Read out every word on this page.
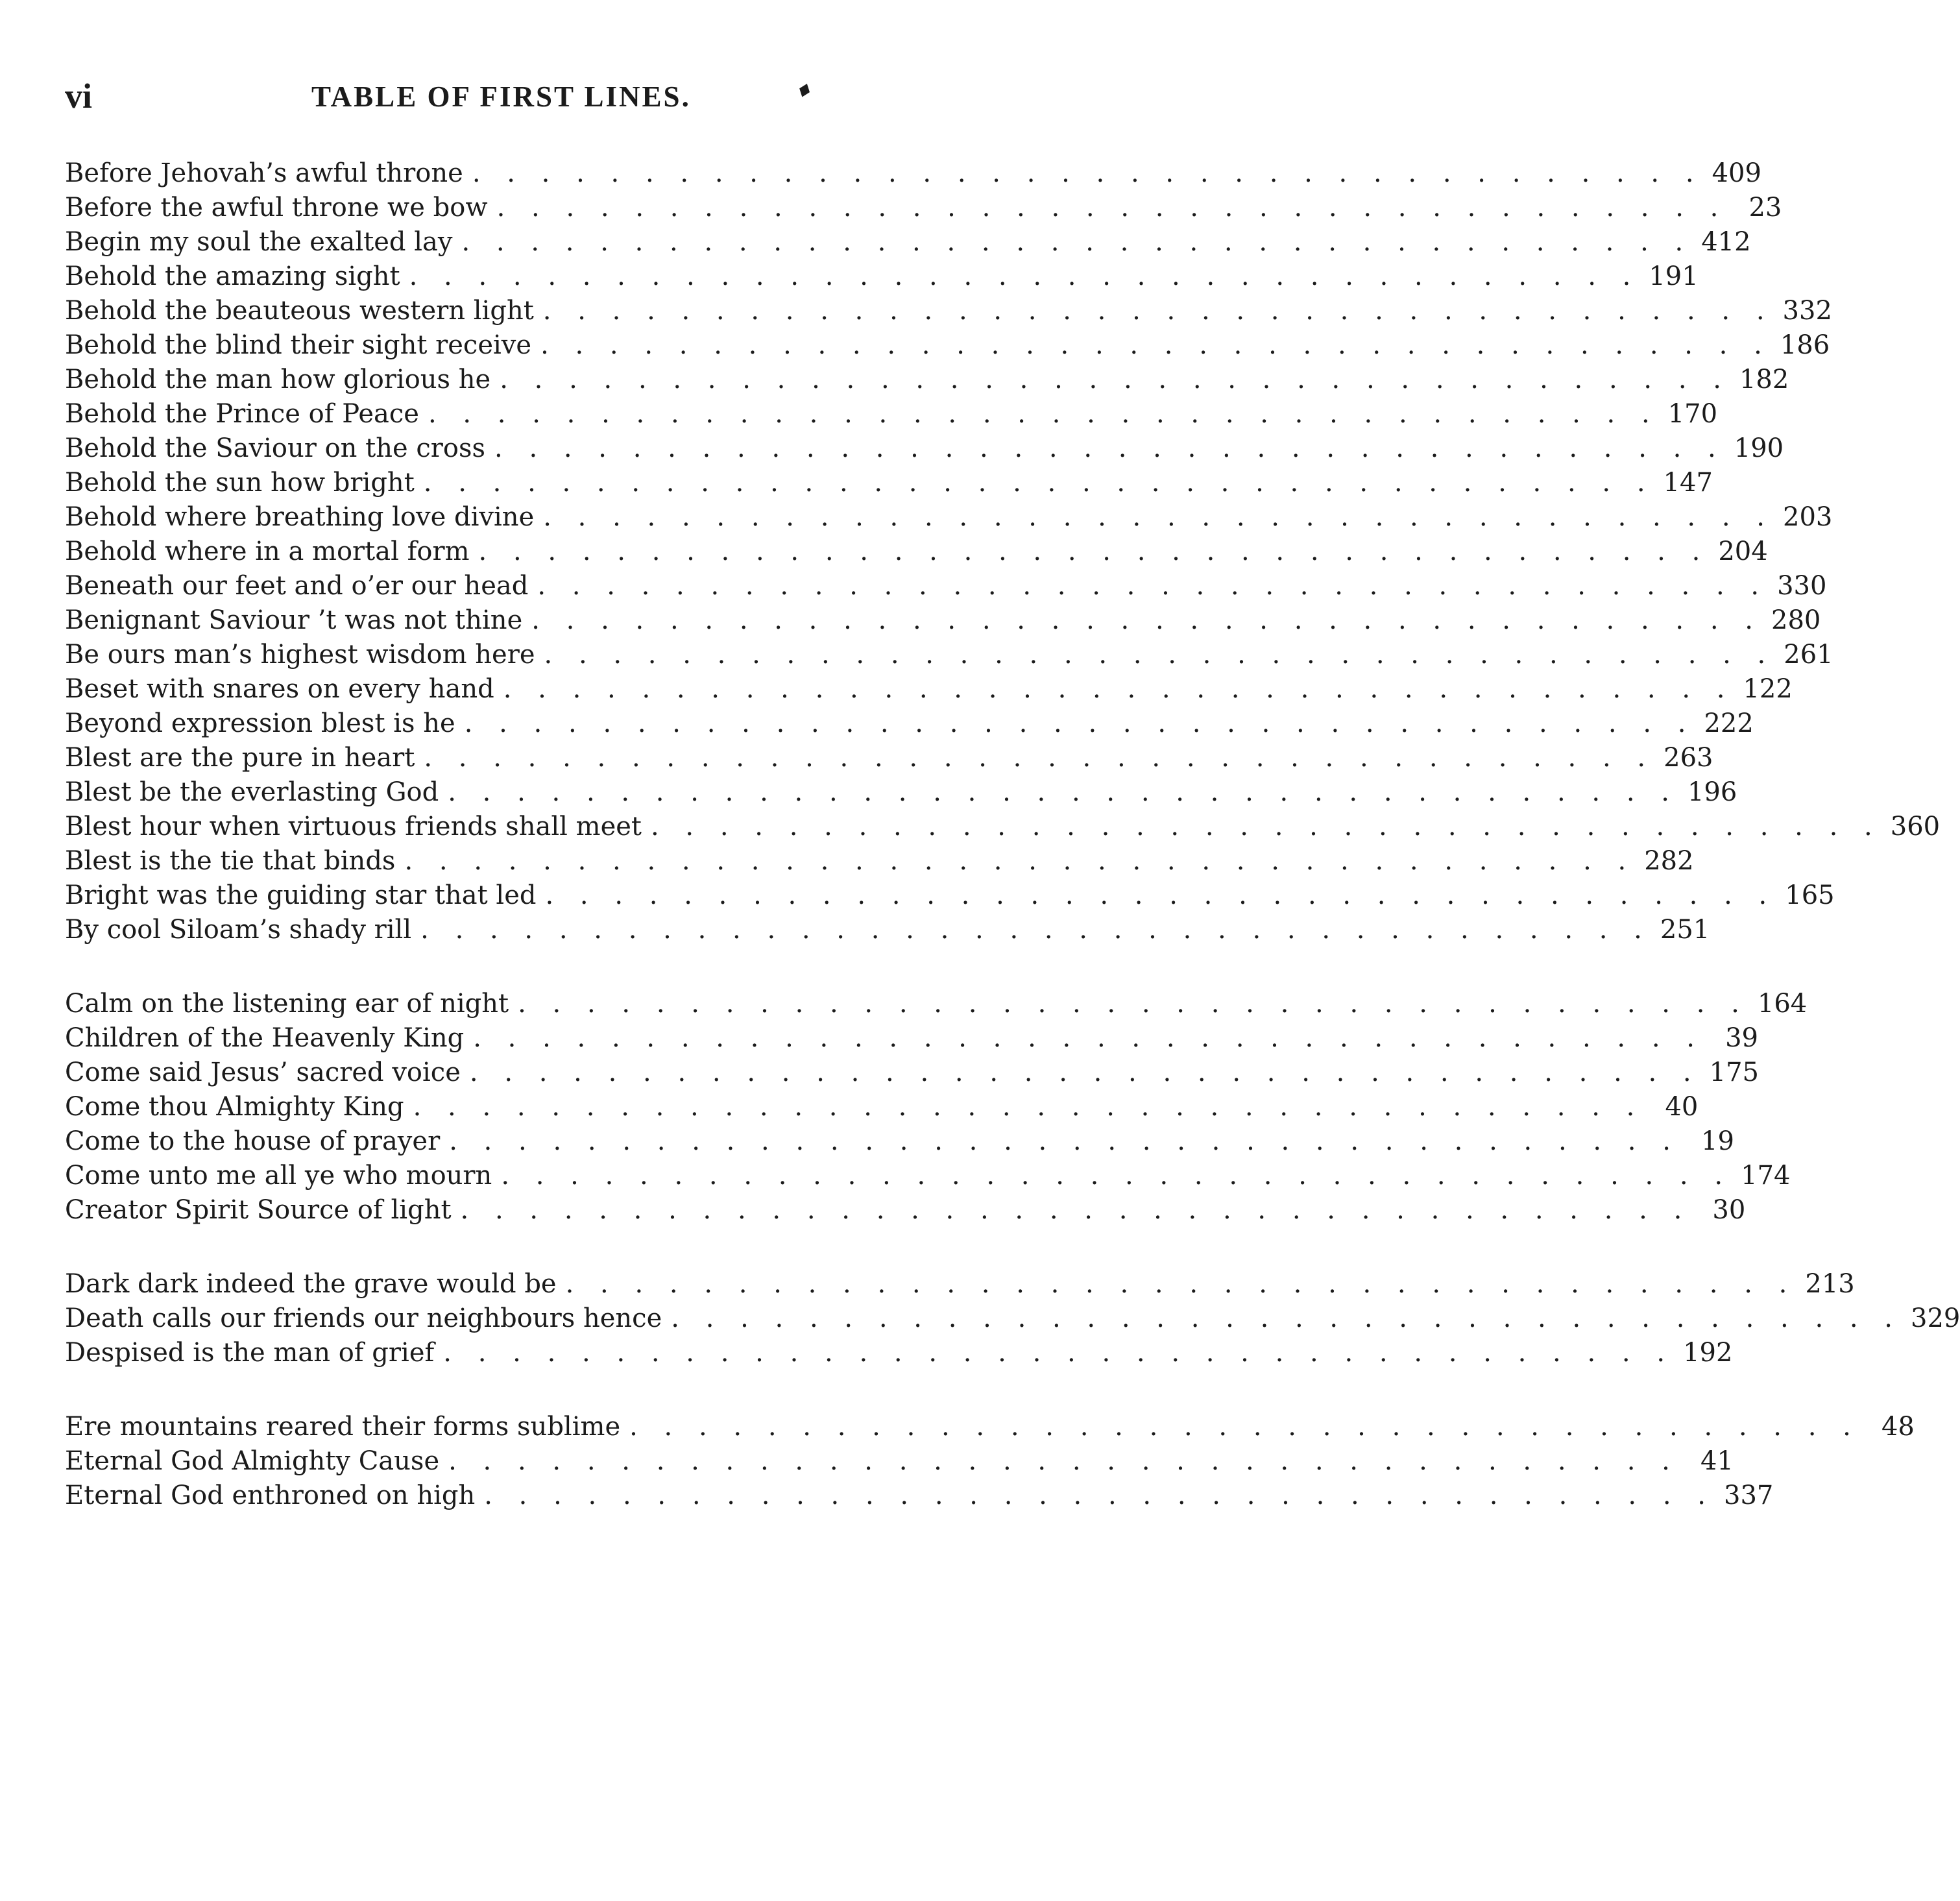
vi	TABLE OF FIRST LINES.	♦
Before Jehovah’s awful throne . . . . . . . . . . . . . . . . . . . . . . . . . . . . . . . . . . . . 409
Before the awful throne we bow . . . . . . . . . . . . . . . . . . . . . . . . . . . . . . . . . . . . 23
Begin my soul the exalted lay . . . . . . . . . . . . . . . . . . . . . . . . . . . . . . . . . . . . 412
Behold the amazing sight . . . . . . . . . . . . . . . . . . . . . . . . . . . . . . . . . . . . 191
Behold the beauteous western light . . . . . . . . . . . . . . . . . . . . . . . . . . . . . . . . . . . . 332
Behold the blind their sight receive . . . . . . . . . . . . . . . . . . . . . . . . . . . . . . . . . . . . 186
Behold the man how glorious he . . . . . . . . . . . . . . . . . . . . . . . . . . . . . . . . . . . . 182
Behold the Prince of Peace . . . . . . . . . . . . . . . . . . . . . . . . . . . . . . . . . . . . 170
Behold the Saviour on the cross . . . . . . . . . . . . . . . . . . . . . . . . . . . . . . . . . . . . 190
Behold the sun how bright . . . . . . . . . . . . . . . . . . . . . . . . . . . . . . . . . . . . 147
Behold where breathing love divine . . . . . . . . . . . . . . . . . . . . . . . . . . . . . . . . . . . . 203
Behold where in a mortal form . . . . . . . . . . . . . . . . . . . . . . . . . . . . . . . . . . . . 204
Beneath our feet and o’er our head . . . . . . . . . . . . . . . . . . . . . . . . . . . . . . . . . . . . 330
Benignant Saviour ’t was not thine . . . . . . . . . . . . . . . . . . . . . . . . . . . . . . . . . . . . 280
Be ours man’s highest wisdom here . . . . . . . . . . . . . . . . . . . . . . . . . . . . . . . . . . . . 261
Beset with snares on every hand . . . . . . . . . . . . . . . . . . . . . . . . . . . . . . . . . . . . 122
Beyond expression blest is he . . . . . . . . . . . . . . . . . . . . . . . . . . . . . . . . . . . . 222
Blest are the pure in heart . . . . . . . . . . . . . . . . . . . . . . . . . . . . . . . . . . . . 263
Blest be the everlasting God . . . . . . . . . . . . . . . . . . . . . . . . . . . . . . . . . . . . 196
Blest hour when virtuous friends shall meet . . . . . . . . . . . . . . . . . . . . . . . . . . . . . . . . . . . . 360
Blest is the tie that binds . . . . . . . . . . . . . . . . . . . . . . . . . . . . . . . . . . . . 282
Bright was the guiding star that led . . . . . . . . . . . . . . . . . . . . . . . . . . . . . . . . . . . . 165
By cool Siloam’s shady rill . . . . . . . . . . . . . . . . . . . . . . . . . . . . . . . . . . . . 251
Calm on the listening ear of night . . . . . . . . . . . . . . . . . . . . . . . . . . . . . . . . . . . . 164
Children of the Heavenly King . . . . . . . . . . . . . . . . . . . . . . . . . . . . . . . . . . . . 39
Come said Jesus’ sacred voice . . . . . . . . . . . . . . . . . . . . . . . . . . . . . . . . . . . . 175
Come thou Almighty King . . . . . . . . . . . . . . . . . . . . . . . . . . . . . . . . . . . . 40
Come to the house of prayer . . . . . . . . . . . . . . . . . . . . . . . . . . . . . . . . . . . . 19
Come unto me all ye who mourn . . . . . . . . . . . . . . . . . . . . . . . . . . . . . . . . . . . . 174
Creator Spirit Source of light . . . . . . . . . . . . . . . . . . . . . . . . . . . . . . . . . . . . 30
Dark dark indeed the grave would be . . . . . . . . . . . . . . . . . . . . . . . . . . . . . . . . . . . . 213
Death calls our friends our neighbours hence . . . . . . . . . . . . . . . . . . . . . . . . . . . . . . . . . . . . 329
Despised is the man of grief . . . . . . . . . . . . . . . . . . . . . . . . . . . . . . . . . . . . 192
Ere mountains reared their forms sublime . . . . . . . . . . . . . . . . . . . . . . . . . . . . . . . . . . . . 48
Eternal God Almighty Cause . . . . . . . . . . . . . . . . . . . . . . . . . . . . . . . . . . . . 41
Eternal God enthroned on high . . . . . . . . . . . . . . . . . . . . . . . . . . . . . . . . . . . . 337
